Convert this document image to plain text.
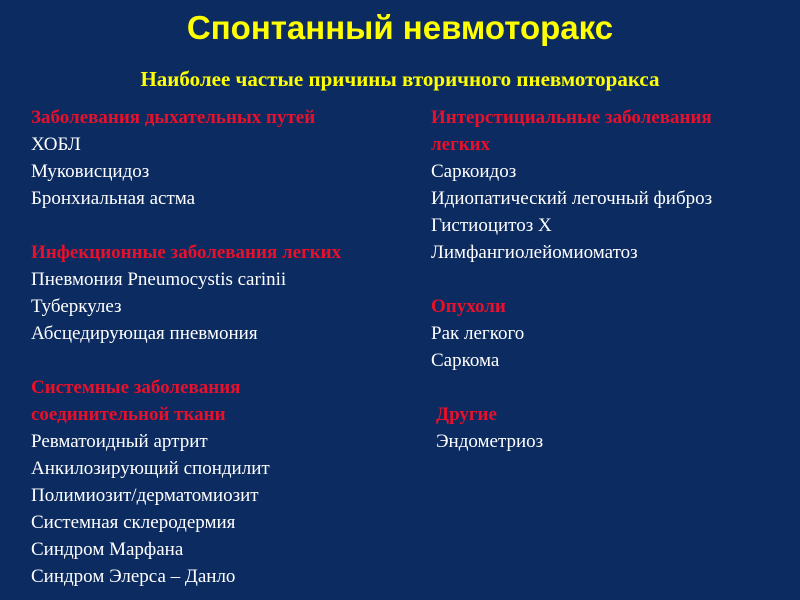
Спонтанный невмоторакс
Наиболее частые причины вторичного пневмоторакса
Заболевания дыхательных путей
ХОБЛ
Муковисцидоз
Бронхиальная астма
Инфекционные заболевания легких
Пневмония Pneumocystis carinii
Туберкулез
Абсцедирующая пневмония
Системные заболевания
соединительной ткани
Ревматоидный артрит
Анкилозирующий спондилит
Полимиозит/дерматомиозит
Системная склеродермия
Синдром Марфана
Синдром Элерса – Данло
Интерстициальные заболевания
легких
Саркоидоз
Идиопатический легочный фиброз
Гистиоцитоз X
Лимфангиолейомиоматоз
Опухоли
Рак легкого
Саркома
Другие
Эндометриоз
